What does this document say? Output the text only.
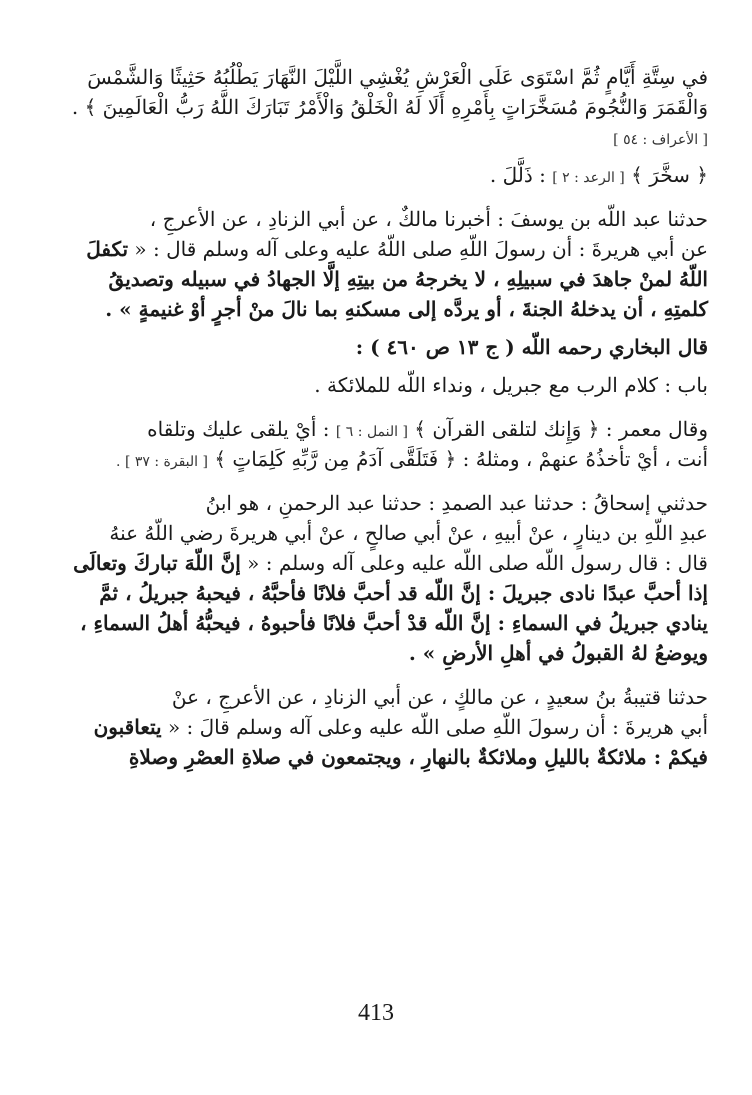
في سِتَّةِ أَيَّامٍ ثُمَّ اسْتَوَى عَلَى الْعَرْشِ يُغْشِي اللَّيْلَ النَّهَارَ يَطْلُبُهُ حَثِيثًا وَالشَّمْسَ
وَالْقَمَرَ وَالنُّجُومَ مُسَخَّرَاتٍ بِأَمْرِهِ أَلَا لَهُ الْخَلْقُ وَالْأَمْرُ تَبَارَكَ اللَّهُ رَبُّ الْعَالَمِينَ ﴾ .
[ الأعراف : ٥٤ ]
﴿ سخَّرَ ﴾ [ الرعد : ٢ ] : ذَلَّلَ .
حدثنا عبد اللّه بن يوسفَ : أخبرنا مالكٌ ، عن أبي الزنادِ ، عن الأعرجِ ،
عن أبي هريرةَ : أن رسولَ اللّهِ صلى اللّهُ عليه وعلى آله وسلم قال : « تكفلَ
اللّهُ لمنْ جاهدَ في سبيلِهِ ، لا يخرجهُ من بيتِهِ إلَّا الجهادُ في سبيله وتصديقُ
كلمتِهِ ، أن يدخلهُ الجنةَ ، أو يردَّه إلى مسكنهِ بما نالَ منْ أجرٍ أوْ غنيمةٍ » .
قال البخاري رحمه اللّه ( ج ١٣ ص ٤٦٠ ) :
باب : كلام الرب مع جبريل ، ونداء اللّه للملائكة .
وقال معمر : ﴿ وَإِنك لتلقى القرآن ﴾ [ النمل : ٦ ] : أيْ يلقى عليك وتلقاه
أنت ، أيْ تأخذُهُ عنهمْ ، ومثلهُ : ﴿ فَتَلَقَّى آدَمُ مِن رَّبِّهِ كَلِمَاتٍ ﴾ [ البقرة : ٣٧ ] .
حدثني إسحاقُ : حدثنا عبد الصمدِ : حدثنا عبد الرحمنِ ، هو ابنُ
عبدِ اللّهِ بن دينارٍ ، عنْ أبيهِ ، عنْ أبي صالحٍ ، عنْ أبي هريرةَ رضي اللّهُ عنهُ
قال : قال رسول اللّه صلى اللّه عليه وعلى آله وسلم : « إنَّ اللّهَ تباركَ وتعالَى
إذا أحبَّ عبدًا نادى جبريلَ : إنَّ اللّه قد أحبَّ فلانًا فأحبَّهُ ، فيحبهُ جبريلُ ، ثمَّ
ينادي جبريلُ في السماءِ : إنَّ اللّه قدْ أحبَّ فلانًا فأحبوهُ ، فيحبُّهُ أهلُ السماءِ ،
ويوضعُ لهُ القبولُ في أهلِ الأرضِ » .
حدثنا قتيبةُ بنُ سعيدٍ ، عن مالكٍ ، عن أبي الزنادِ ، عن الأعرجِ ، عنْ
أبي هريرةَ : أن رسولَ اللّهِ صلى اللّه عليه وعلى آله وسلم قالَ : « يتعاقبون
فيكمْ : ملائكةٌ بالليلِ وملائكةٌ بالنهارِ ، ويجتمعون في صلاةِ العصْرِ وصلاةِ
413
